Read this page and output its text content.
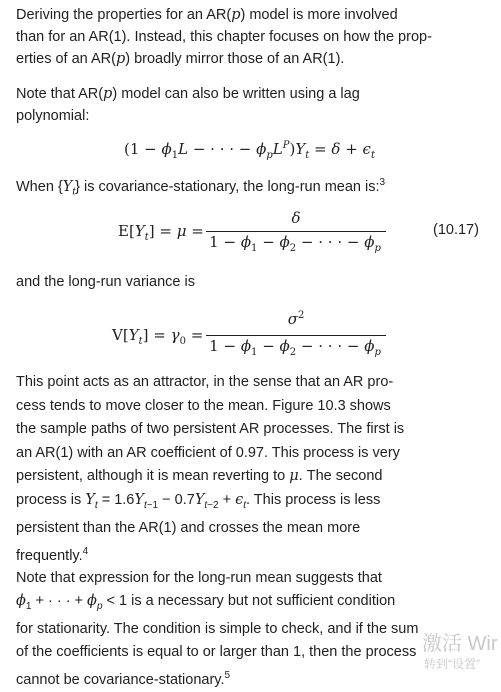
Deriving the properties for an AR(p) model is more involved

than for an AR(1). Instead, this chapter focuses on how the prop-

erties of an AR(p) broadly mirror those of an AR(1).

Note that AR(p) model can also be written using a lag

polynomial:

($1 - \phi_1L$ − · · · − $\phi_pL^P)Y_t = \delta + \epsilon_t$

When $\{Y_t\}$ is covariance-stationary, the long-run mean is:$^3$

$E[Y_t] = \mu$ =
δ
$1 - \phi_1 - \phi_2$ − · · · − $\phi_p$
(10.17)

and the long-run variance is

$V[Y_t] = \gamma_0$ =
$\sigma^2$
$1 - \phi_1 - \phi_2$ − · · · − $\phi_p$

This point acts as an attractor, in the sense that an AR pro-

cess tends to move closer to the mean. Figure 10.3 shows

the sample paths of two persistent AR processes. The first is

an AR(1) with an AR coefficient of 0.97. This process is very

persistent, although it is mean reverting to μ. The second

process is $Y_t = 1.6Y_{t-1} - 0.7Y_{t-2} + \epsilon_t$. This process is less

persistent than the AR(1) and crosses the mean more

frequently.$^4$

Note that expression for the long-run mean suggests that

$\phi_1$ + · · · + $\phi_p < 1$ is a necessary but not sufficient condition

for stationarity. The condition is simple to check, and if the sum

of the coefficients is equal to or larger than 1, then the process

cannot be covariance-stationary.$^5$

激活 Wir
转到“设置”
